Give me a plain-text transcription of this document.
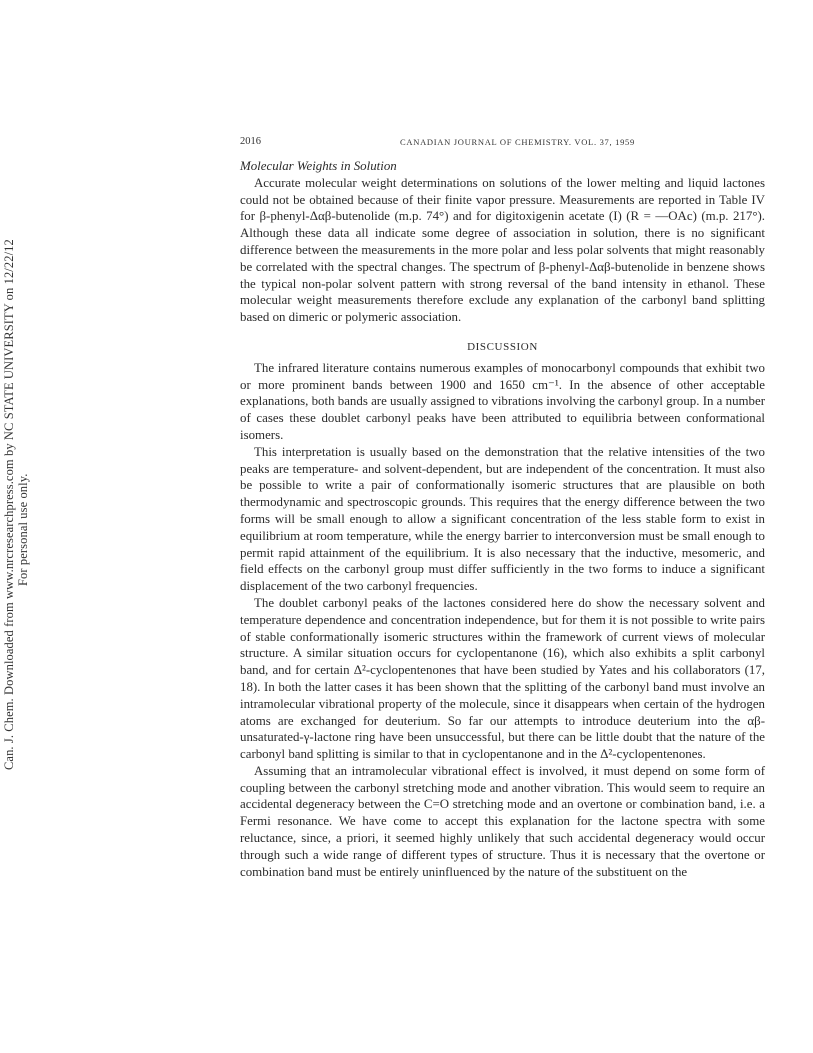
Can. J. Chem. Downloaded from www.nrcresearchpress.com by NC STATE UNIVERSITY on 12/22/12 For personal use only.
2016	CANADIAN JOURNAL OF CHEMISTRY. VOL. 37, 1959

Molecular Weights in Solution

Accurate molecular weight determinations on solutions of the lower melting and liquid lactones could not be obtained because of their finite vapor pressure. Measurements are reported in Table IV for β-phenyl-Δαβ-butenolide (m.p. 74°) and for digitoxigenin acetate (I) (R = —OAc) (m.p. 217°). Although these data all indicate some degree of association in solution, there is no significant difference between the measurements in the more polar and less polar solvents that might reasonably be correlated with the spectral changes. The spectrum of β-phenyl-Δαβ-butenolide in benzene shows the typical non-polar solvent pattern with strong reversal of the band intensity in ethanol. These molecular weight measurements therefore exclude any explanation of the carbonyl band splitting based on dimeric or polymeric association.

DISCUSSION

The infrared literature contains numerous examples of monocarbonyl compounds that exhibit two or more prominent bands between 1900 and 1650 cm⁻¹. In the absence of other acceptable explanations, both bands are usually assigned to vibrations involving the carbonyl group. In a number of cases these doublet carbonyl peaks have been attributed to equilibria between conformational isomers.

This interpretation is usually based on the demonstration that the relative intensities of the two peaks are temperature- and solvent-dependent, but are independent of the concentration. It must also be possible to write a pair of conformationally isomeric structures that are plausible on both thermodynamic and spectroscopic grounds. This requires that the energy difference between the two forms will be small enough to allow a significant concentration of the less stable form to exist in equilibrium at room temperature, while the energy barrier to interconversion must be small enough to permit rapid attainment of the equilibrium. It is also necessary that the inductive, mesomeric, and field effects on the carbonyl group must differ sufficiently in the two forms to induce a significant displacement of the two carbonyl frequencies.

The doublet carbonyl peaks of the lactones considered here do show the necessary solvent and temperature dependence and concentration independence, but for them it is not possible to write pairs of stable conformationally isomeric structures within the framework of current views of molecular structure. A similar situation occurs for cyclopentanone (16), which also exhibits a split carbonyl band, and for certain Δ²-cyclopentenones that have been studied by Yates and his collaborators (17, 18). In both the latter cases it has been shown that the splitting of the carbonyl band must involve an intramolecular vibrational property of the molecule, since it disappears when certain of the hydrogen atoms are exchanged for deuterium. So far our attempts to introduce deuterium into the αβ-unsaturated-γ-lactone ring have been unsuccessful, but there can be little doubt that the nature of the carbonyl band splitting is similar to that in cyclopentanone and in the Δ²-cyclopentenones.

Assuming that an intramolecular vibrational effect is involved, it must depend on some form of coupling between the carbonyl stretching mode and another vibration. This would seem to require an accidental degeneracy between the C=O stretching mode and an overtone or combination band, i.e. a Fermi resonance. We have come to accept this explanation for the lactone spectra with some reluctance, since, a priori, it seemed highly unlikely that such accidental degeneracy would occur through such a wide range of different types of structure. Thus it is necessary that the overtone or combination band must be entirely uninfluenced by the nature of the substituent on the
